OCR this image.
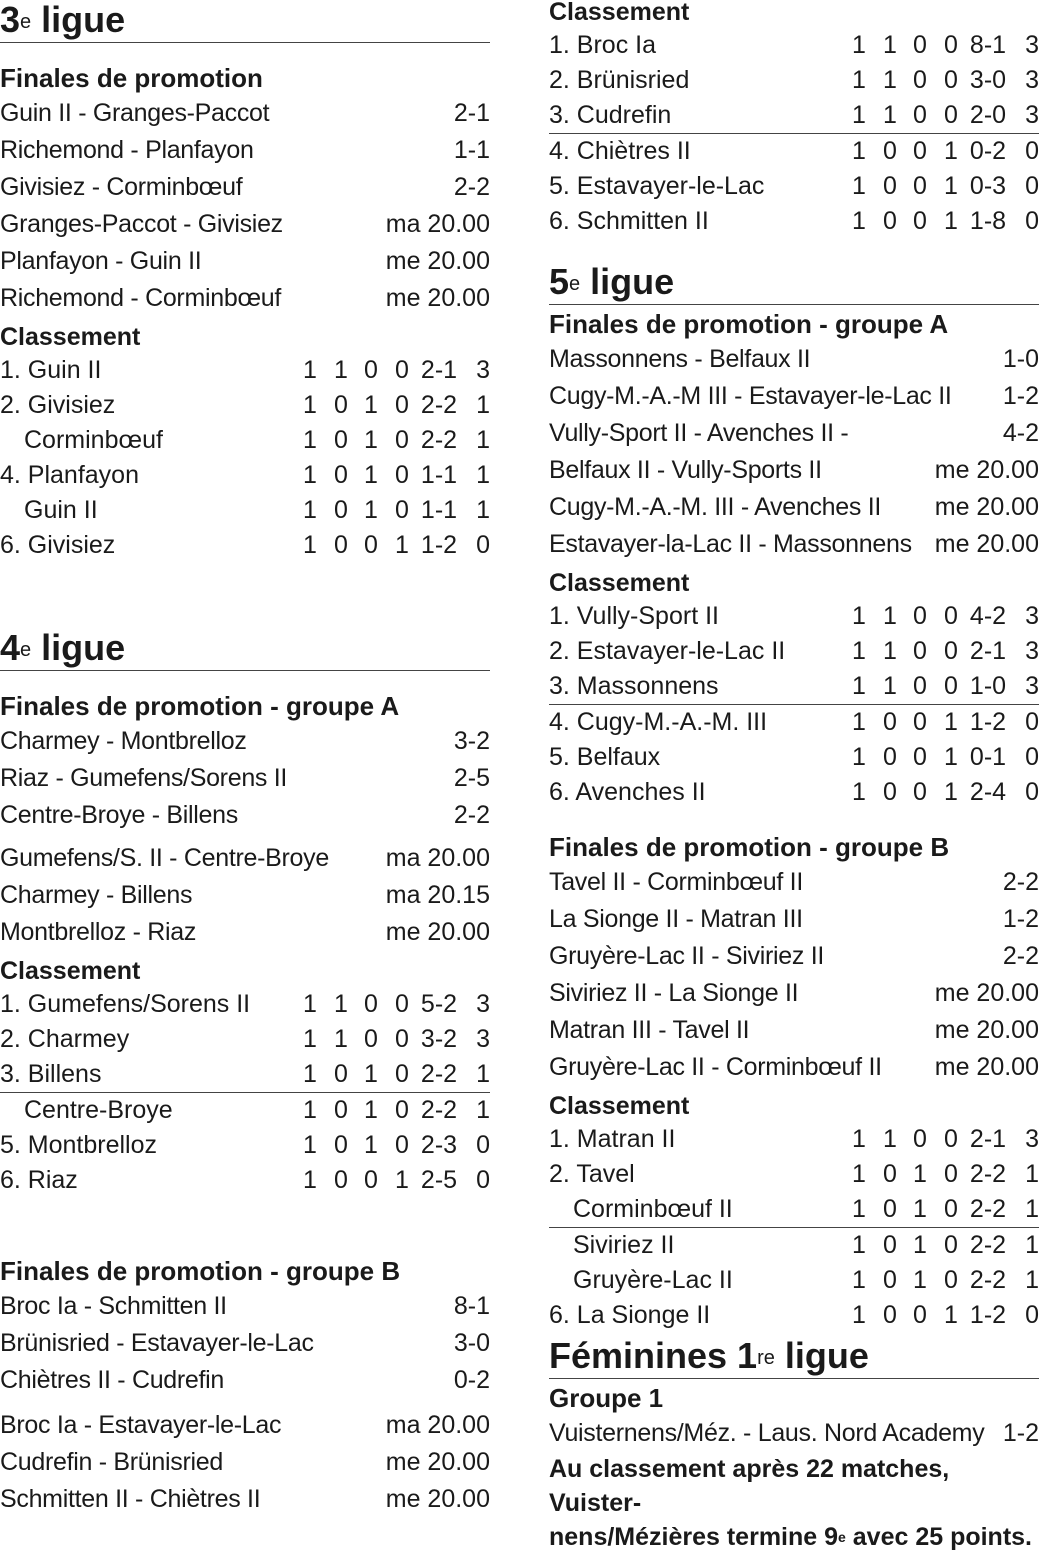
3e ligue
Finales de promotion
Guin II - Granges-Paccot	2-1
Richemond - Planfayon	1-1
Givisiez - Corminbœuf	2-2
Granges-Paccot - Givisiez	ma 20.00
Planfayon - Guin II	me 20.00
Richemond - Corminbœuf	me 20.00
Classement
1. Guin II	1 1 0 0 2-1 3
2. Givisiez	1 0 1 0 2-2 1
Corminbœuf	1 0 1 0 2-2 1
4. Planfayon	1 0 1 0 1-1 1
Guin II	1 0 1 0 1-1 1
6. Givisiez	1 0 0 1 1-2 0
4e ligue
Finales de promotion - groupe A
Charmey - Montbrelloz	3-2
Riaz - Gumefens/Sorens II	2-5
Centre-Broye - Billens	2-2
Gumefens/S. II - Centre-Broye ma 20.00
Charmey - Billens	ma 20.15
Montbrelloz - Riaz	me 20.00
Classement
1. Gumefens/Sorens II	1 1 0 0 5-2 3
2. Charmey	1 1 0 0 3-2 3
3. Billens	1 0 1 0 2-2 1
Centre-Broye	1 0 1 0 2-2 1
5. Montbrelloz	1 0 1 0 2-3 0
6. Riaz	1 0 0 1 2-5 0
Finales de promotion - groupe B
Broc Ia - Schmitten II	8-1
Brünisried - Estavayer-le-Lac	3-0
Chiètres II - Cudrefin	0-2
Broc Ia - Estavayer-le-Lac	ma 20.00
Cudrefin - Brünisried	me 20.00
Schmitten II - Chiètres II	me 20.00
Classement
1. Broc Ia	1 1 0 0 8-1 3
2. Brünisried	1 1 0 0 3-0 3
3. Cudrefin	1 1 0 0 2-0 3
4. Chiètres II	1 0 0 1 0-2 0
5. Estavayer-le-Lac	1 0 0 1 0-3 0
6. Schmitten II	1 0 0 1 1-8 0
5e ligue
Finales de promotion - groupe A
Massonnens - Belfaux II	1-0
Cugy-M.-A.-M III - Estavayer-le-Lac II 1-2
Vully-Sport II - Avenches II -	4-2
Belfaux II - Vully-Sports II	me 20.00
Cugy-M.-A.-M. III - Avenches II me 20.00
Estavayer-la-Lac II - Massonnens me 20.00
Classement
1. Vully-Sport II	1 1 0 0 4-2 3
2. Estavayer-le-Lac II	1 1 0 0 2-1 3
3. Massonnens	1 1 0 0 1-0 3
4. Cugy-M.-A.-M. III	1 0 0 1 1-2 0
5. Belfaux	1 0 0 1 0-1 0
6. Avenches II	1 0 0 1 2-4 0
Finales de promotion - groupe B
Tavel II - Corminbœuf II	2-2
La Sionge II - Matran III	1-2
Gruyère-Lac II - Siviriez II	2-2
Siviriez II - La Sionge II	me 20.00
Matran III - Tavel II	me 20.00
Gruyère-Lac II - Corminbœuf II me 20.00
Classement
1. Matran II	1 1 0 0 2-1 3
2. Tavel	1 0 1 0 2-2 1
Corminbœuf II	1 0 1 0 2-2 1
Siviriez II	1 0 1 0 2-2 1
Gruyère-Lac II	1 0 1 0 2-2 1
6. La Sionge II	1 0 0 1 1-2 0
Féminines 1re ligue
Groupe 1
Vuisternens/Méz. - Laus. Nord Academy 1-2
Au classement après 22 matches, Vuister-
nens/Mézières termine 9e avec 25 points.
